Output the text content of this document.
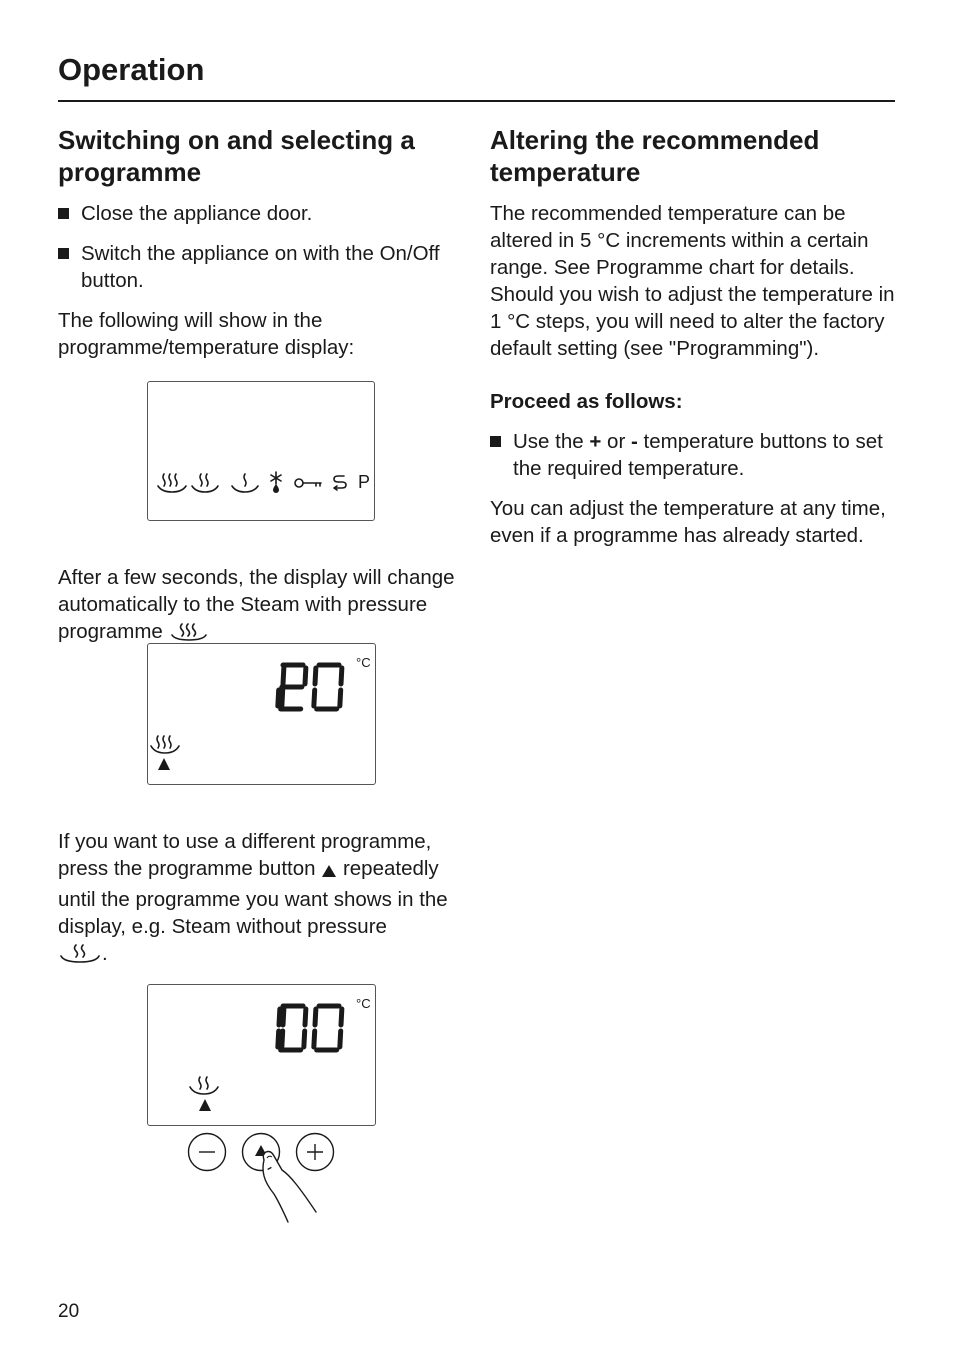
Operation
Switching on and selecting a programme
Close the appliance door.
Switch the appliance on with the On/Off button.

The following will show in the programme/temperature display:

After a few seconds, the display will change automatically to the Steam with pressure programme

If you want to use a different programme, press the programme button repeatedly until the programme you want shows in the display, e.g. Steam without pressure
.

P
°C
°C
Altering the recommended temperature

The recommended temperature can be altered in 5 °C increments within a certain range. See Programme chart for details. Should you wish to adjust the temperature in 1 °C steps, you will need to alter the factory default setting (see "Programming").

Proceed as follows:

Use the + or - temperature buttons to set the required temperature.

You can adjust the temperature at any time, even if a programme has already started.

20
